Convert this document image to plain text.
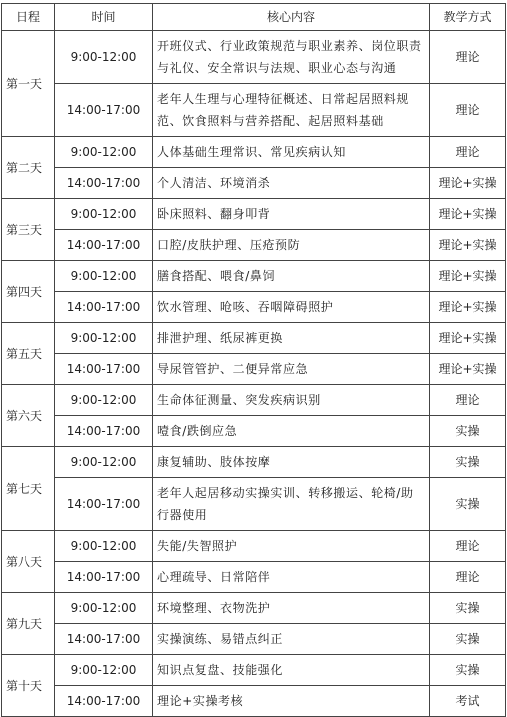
日程	时间	核心内容	教学方式
第一天	9:00-12:00	开班仪式、行业政策规范与职业素养、岗位职责与礼仪、安全常识与法规、职业心态与沟通	理论
	14:00-17:00	老年人生理与心理特征概述、日常起居照料规范、饮食照料与营养搭配、起居照料基础	理论
第二天	9:00-12:00	人体基础生理常识、常见疾病认知	理论
	14:00-17:00	个人清洁、环境消杀	理论+实操
第三天	9:00-12:00	卧床照料、翻身叩背	理论+实操
	14:00-17:00	口腔/皮肤护理、压疮预防	理论+实操
第四天	9:00-12:00	膳食搭配、喂食/鼻饲	理论+实操
	14:00-17:00	饮水管理、呛咳、吞咽障碍照护	理论+实操
第五天	9:00-12:00	排泄护理、纸尿裤更换	理论+实操
	14:00-17:00	导尿管管护、二便异常应急	理论+实操
第六天	9:00-12:00	生命体征测量、突发疾病识别	理论
	14:00-17:00	噎食/跌倒应急	实操
第七天	9:00-12:00	康复辅助、肢体按摩	实操
	14:00-17:00	老年人起居移动实操实训、转移搬运、轮椅/助行器使用	实操
第八天	9:00-12:00	失能/失智照护	理论
	14:00-17:00	心理疏导、日常陪伴	理论
第九天	9:00-12:00	环境整理、衣物洗护	实操
	14:00-17:00	实操演练、易错点纠正	实操
第十天	9:00-12:00	知识点复盘、技能强化	实操
	14:00-17:00	理论+实操考核	考试
